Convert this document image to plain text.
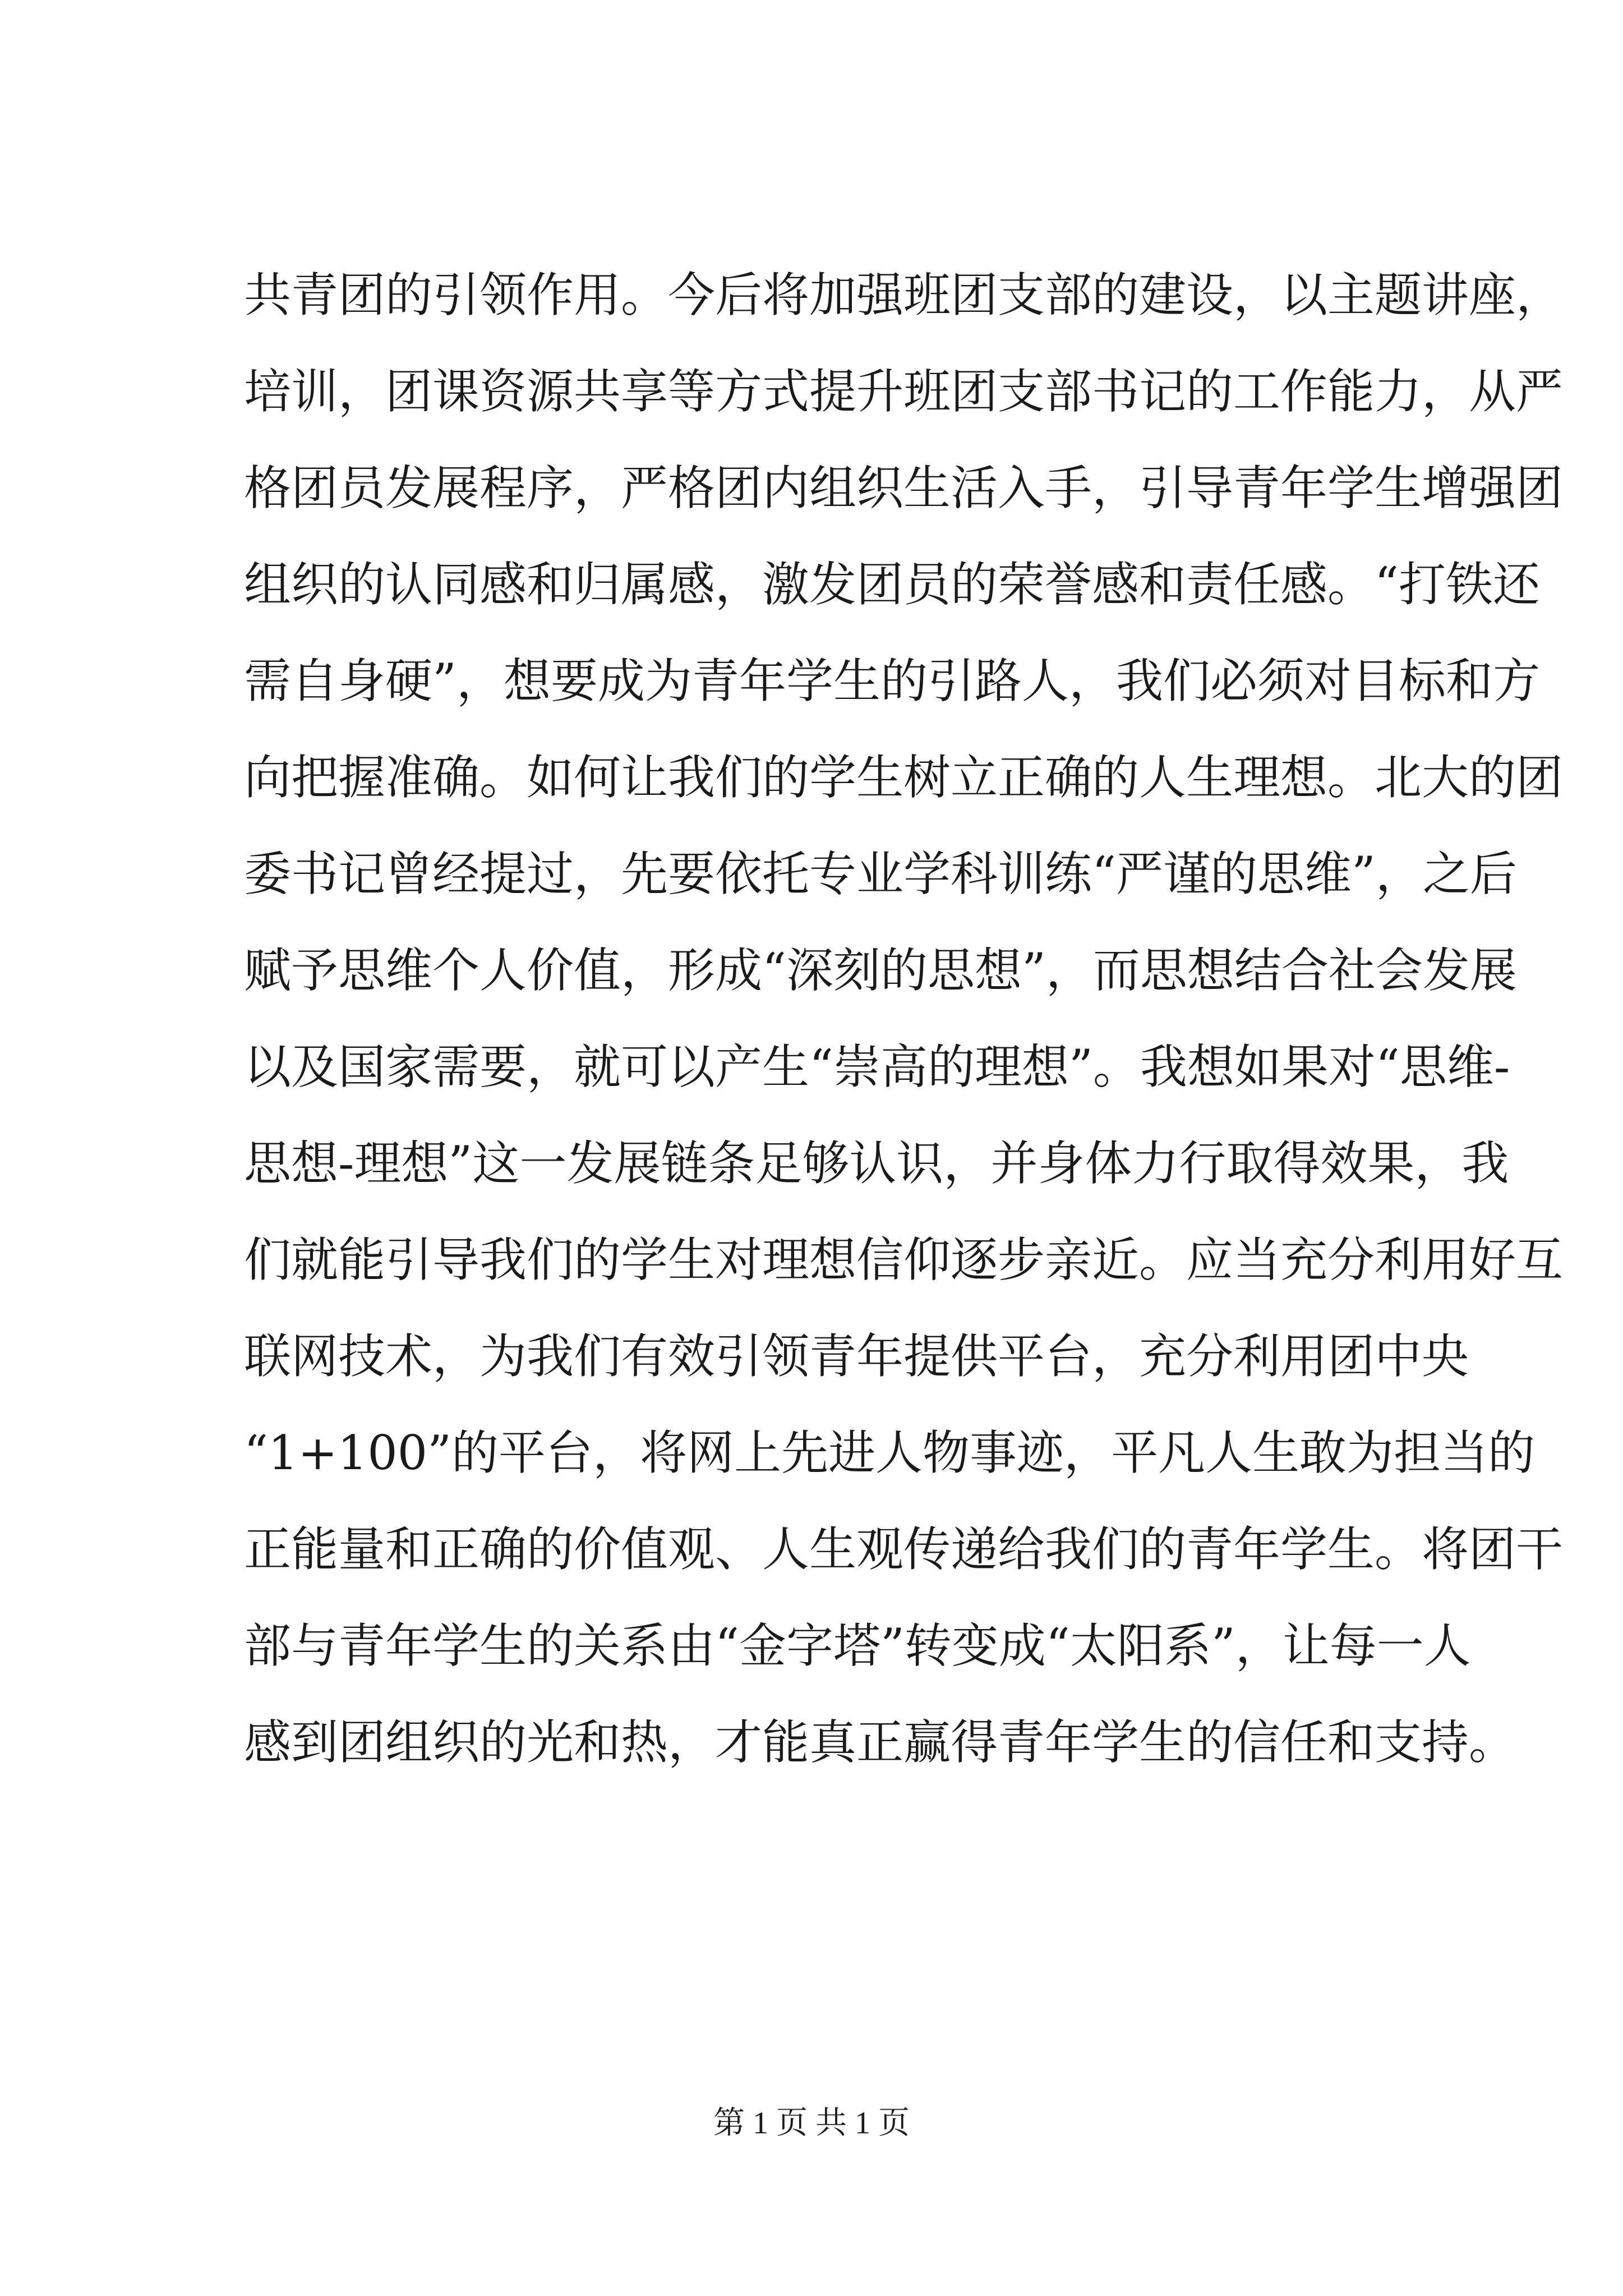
共青团的引领作用。今后将加强班团支部的建设，以主题讲座，
培训，团课资源共享等方式提升班团支部书记的工作能力，从严
格团员发展程序，严格团内组织生活入手，引导青年学生增强团
组织的认同感和归属感，激发团员的荣誉感和责任感。“打铁还
需自身硬”，想要成为青年学生的引路人，我们必须对目标和方
向把握准确。如何让我们的学生树立正确的人生理想。北大的团
委书记曾经提过，先要依托专业学科训练“严谨的思维”，之后
赋予思维个人价值，形成“深刻的思想”，而思想结合社会发展
以及国家需要，就可以产生“崇高的理想”。我想如果对“思维-
思想-理想”这一发展链条足够认识，并身体力行取得效果，我
们就能引导我们的学生对理想信仰逐步亲近。应当充分利用好互
联网技术，为我们有效引领青年提供平台，充分利用团中央
“1+100”的平台，将网上先进人物事迹，平凡人生敢为担当的
正能量和正确的价值观、人生观传递给我们的青年学生。将团干
部与青年学生的关系由“金字塔”转变成“太阳系”，让每一人
感到团组织的光和热，才能真正赢得青年学生的信任和支持。
第 1 页 共 1 页
